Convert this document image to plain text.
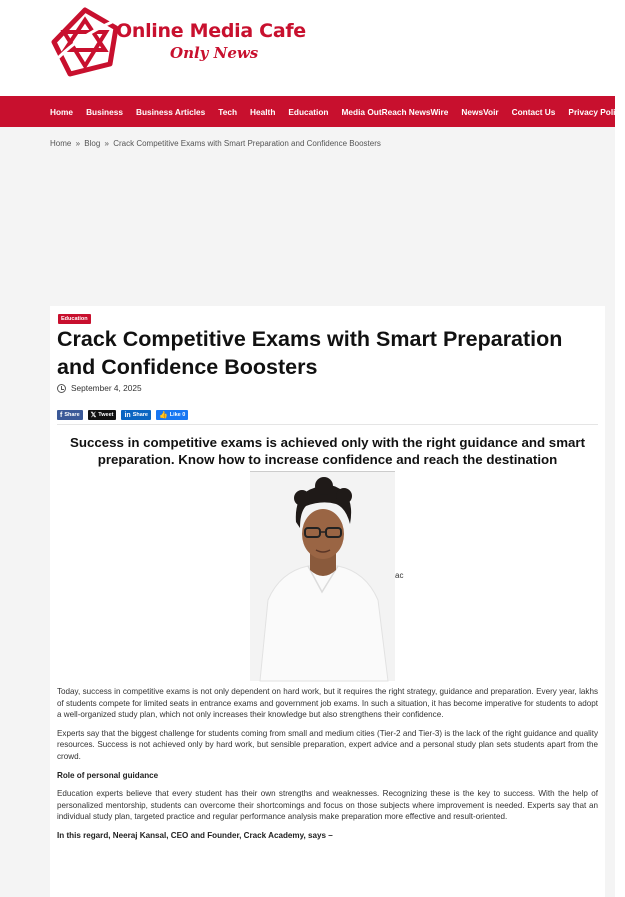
Online Media Cafe
Only News
Home Business Business Articles Tech Health Education Media OutReach NewsWire NewsVoir Contact Us Privacy Policy
Home » Blog » Crack Competitive Exams with Smart Preparation and Confidence Boosters
Education
Crack Competitive Exams with Smart Preparation and Confidence Boosters
September 4, 2025
f Share 𝕏 Tweet in Share 👍 Like 0
Success in competitive exams is achieved only with the right guidance and smart preparation. Know how to increase confidence and reach the destination
ac

Today, success in competitive exams is not only dependent on hard work, but it requires the right strategy, guidance and preparation. Every year, lakhs of students compete for limited seats in entrance exams and government job exams. In such a situation, it has become imperative for students to adopt a well-organized study plan, which not only increases their knowledge but also strengthens their confidence.

Experts say that the biggest challenge for students coming from small and medium cities (Tier-2 and Tier-3) is the lack of the right guidance and quality resources. Success is not achieved only by hard work, but sensible preparation, expert advice and a personal study plan sets students apart from the crowd.

Role of personal guidance

Education experts believe that every student has their own strengths and weaknesses. Recognizing these is the key to success. With the help of personalized mentorship, students can overcome their shortcomings and focus on those subjects where improvement is needed. Experts say that an individual study plan, targeted practice and regular performance analysis make preparation more effective and result-oriented.

In this regard, Neeraj Kansal, CEO and Founder, Crack Academy, says –
